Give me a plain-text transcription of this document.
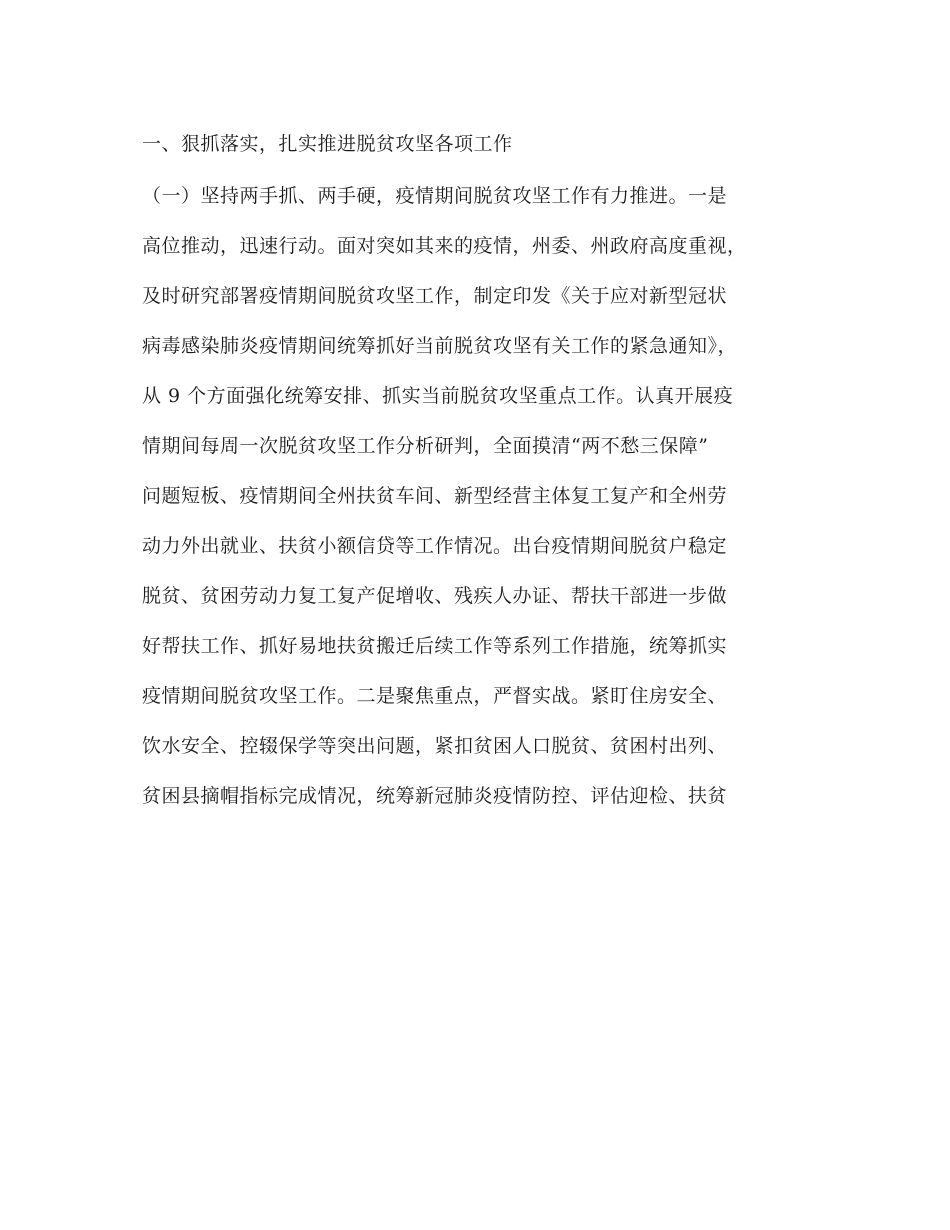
一、狠抓落实，扎实推进脱贫攻坚各项工作
（一）坚持两手抓、两手硬，疫情期间脱贫攻坚工作有力推进。一是
高位推动，迅速行动。面对突如其来的疫情，州委、州政府高度重视，
及时研究部署疫情期间脱贫攻坚工作，制定印发《关于应对新型冠状
病毒感染肺炎疫情期间统筹抓好当前脱贫攻坚有关工作的紧急通知》，
从 9 个方面强化统筹安排、抓实当前脱贫攻坚重点工作。认真开展疫
情期间每周一次脱贫攻坚工作分析研判，全面摸清“两不愁三保障”
问题短板、疫情期间全州扶贫车间、新型经营主体复工复产和全州劳
动力外出就业、扶贫小额信贷等工作情况。出台疫情期间脱贫户稳定
脱贫、贫困劳动力复工复产促增收、残疾人办证、帮扶干部进一步做
好帮扶工作、抓好易地扶贫搬迁后续工作等系列工作措施，统筹抓实
疫情期间脱贫攻坚工作。二是聚焦重点，严督实战。紧盯住房安全、
饮水安全、控辍保学等突出问题，紧扣贫困人口脱贫、贫困村出列、
贫困县摘帽指标完成情况，统筹新冠肺炎疫情防控、评估迎检、扶贫
